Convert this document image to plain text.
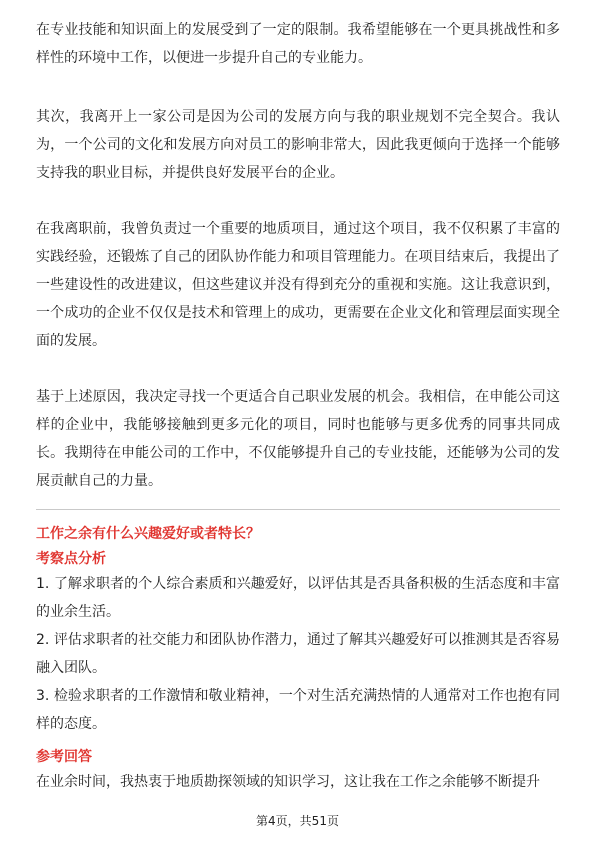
在专业技能和知识面上的发展受到了一定的限制。我希望能够在一个更具挑战性和多样性的环境中工作，以便进一步提升自己的专业能力。

其次，我离开上一家公司是因为公司的发展方向与我的职业规划不完全契合。我认为，一个公司的文化和发展方向对员工的影响非常大，因此我更倾向于选择一个能够支持我的职业目标，并提供良好发展平台的企业。

在我离职前，我曾负责过一个重要的地质项目，通过这个项目，我不仅积累了丰富的实践经验，还锻炼了自己的团队协作能力和项目管理能力。在项目结束后，我提出了一些建设性的改进建议，但这些建议并没有得到充分的重视和实施。这让我意识到，一个成功的企业不仅仅是技术和管理上的成功，更需要在企业文化和管理层面实现全面的发展。

基于上述原因，我决定寻找一个更适合自己职业发展的机会。我相信，在申能公司这样的企业中，我能够接触到更多元化的项目，同时也能够与更多优秀的同事共同成长。我期待在申能公司的工作中，不仅能够提升自己的专业技能，还能够为公司的发展贡献自己的力量。

工作之余有什么兴趣爱好或者特长？
考察点分析

1. 了解求职者的个人综合素质和兴趣爱好，以评估其是否具备积极的生活态度和丰富的业余生活。

2. 评估求职者的社交能力和团队协作潜力，通过了解其兴趣爱好可以推测其是否容易融入团队。

3. 检验求职者的工作激情和敬业精神，一个对生活充满热情的人通常对工作也抱有同样的态度。

参考回答

在业余时间，我热衷于地质勘探领域的知识学习，这让我在工作之余能够不断提升

第4页，共51页
